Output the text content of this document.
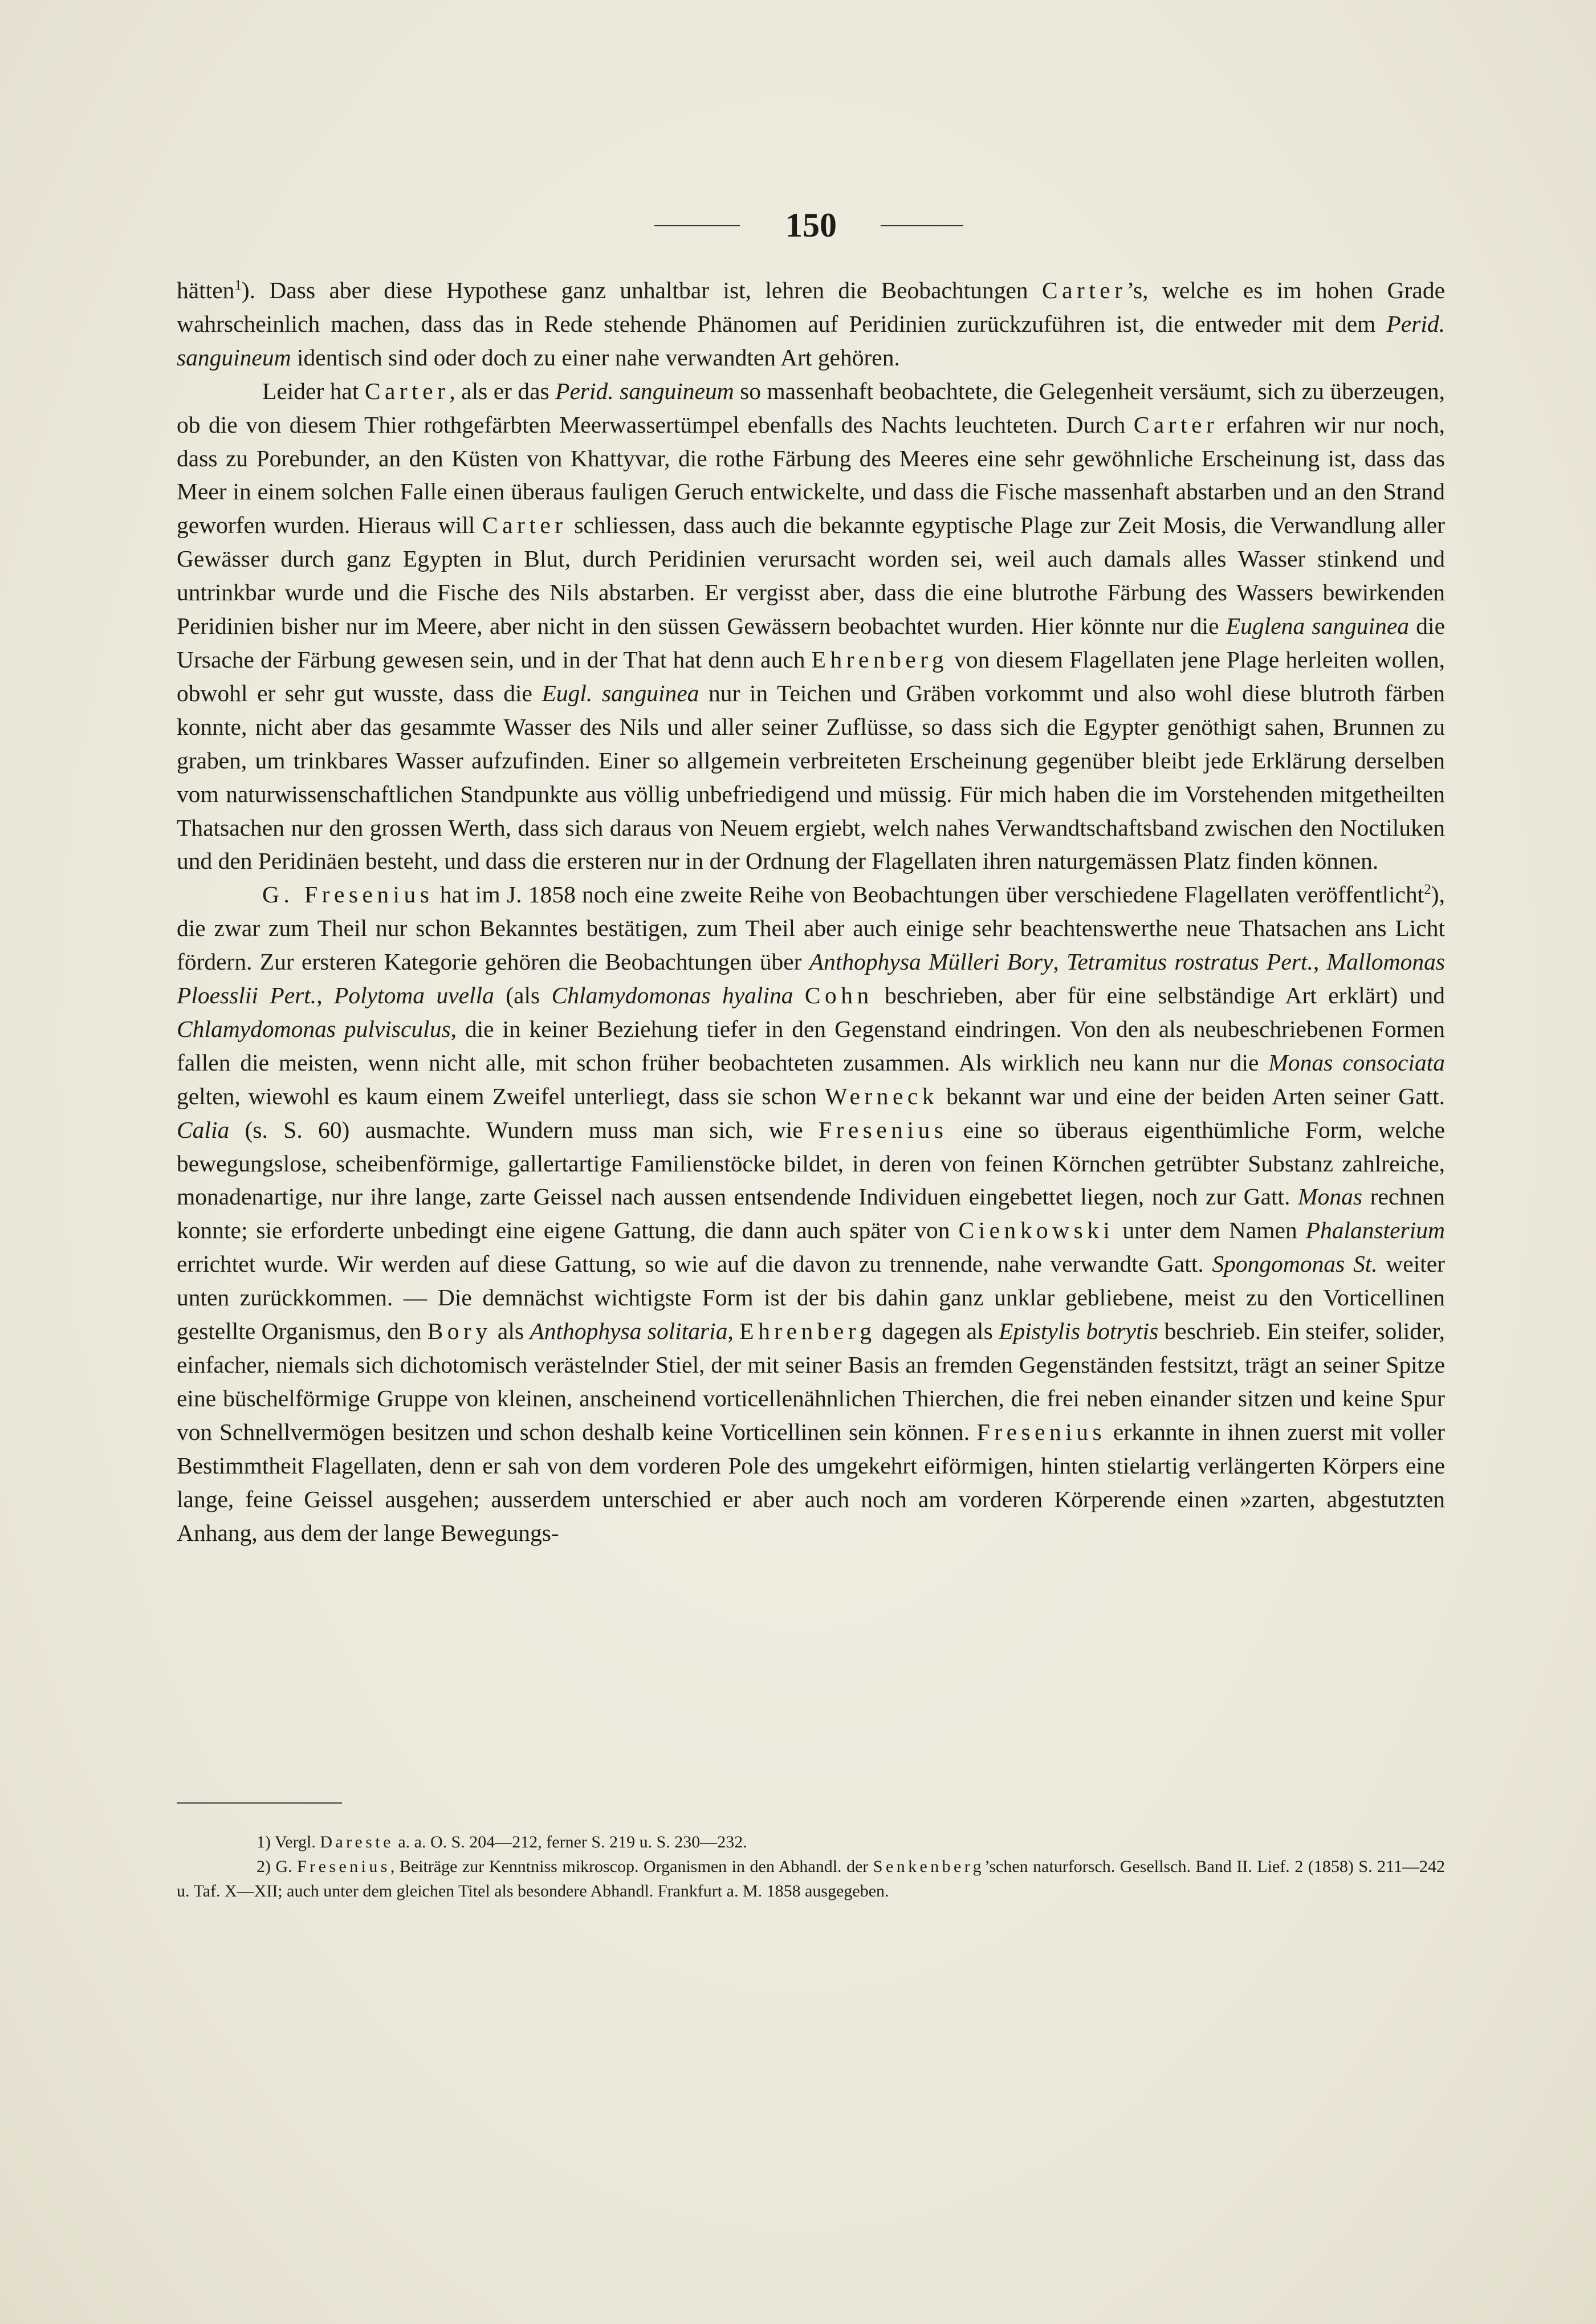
150

hätten$^1$). Dass aber diese Hypothese ganz unhaltbar ist, lehren die Beobachtungen Carter’s, welche es im hohen Grade wahrscheinlich machen, dass das in Rede stehende Phänomen auf Peridinien zurückzuführen ist, die entweder mit dem Perid. sanguineum identisch sind oder doch zu einer nahe verwandten Art gehören.

Leider hat Carter, als er das Perid. sanguineum so massenhaft beobachtete, die Gelegenheit versäumt, sich zu überzeugen, ob die von diesem Thier rothgefärbten Meerwassertümpel ebenfalls des Nachts leuchteten. Durch Carter erfahren wir nur noch, dass zu Porebunder, an den Küsten von Khattyvar, die rothe Färbung des Meeres eine sehr gewöhnliche Erscheinung ist, dass das Meer in einem solchen Falle einen überaus fauligen Geruch entwickelte, und dass die Fische massenhaft abstarben und an den Strand geworfen wurden. Hieraus will Carter schliessen, dass auch die bekannte egyptische Plage zur Zeit Mosis, die Verwandlung aller Gewässer durch ganz Egypten in Blut, durch Peridinien verursacht worden sei, weil auch damals alles Wasser stinkend und untrinkbar wurde und die Fische des Nils abstarben. Er vergisst aber, dass die eine blutrothe Färbung des Wassers bewirkenden Peridinien bisher nur im Meere, aber nicht in den süssen Gewässern beobachtet wurden. Hier könnte nur die Euglena sanguinea die Ursache der Färbung gewesen sein, und in der That hat denn auch Ehrenberg von diesem Flagellaten jene Plage herleiten wollen, obwohl er sehr gut wusste, dass die Eugl. sanguinea nur in Teichen und Gräben vorkommt und also wohl diese blutroth färben konnte, nicht aber das gesammte Wasser des Nils und aller seiner Zuflüsse, so dass sich die Egypter genöthigt sahen, Brunnen zu graben, um trinkbares Wasser aufzufinden. Einer so allgemein verbreiteten Erscheinung gegenüber bleibt jede Erklärung derselben vom naturwissenschaftlichen Standpunkte aus völlig unbefriedigend und müssig. Für mich haben die im Vorstehenden mitgetheilten Thatsachen nur den grossen Werth, dass sich daraus von Neuem ergiebt, welch nahes Verwandtschaftsband zwischen den Noctiluken und den Peridinäen besteht, und dass die ersteren nur in der Ordnung der Flagellaten ihren naturgemässen Platz finden können.

G. Fresenius hat im J. 1858 noch eine zweite Reihe von Beobachtungen über verschiedene Flagellaten veröffentlicht$^2$), die zwar zum Theil nur schon Bekanntes bestätigen, zum Theil aber auch einige sehr beachtenswerthe neue Thatsachen ans Licht fördern. Zur ersteren Kategorie gehören die Beobachtungen über Anthophysa Mülleri Bory, Tetramitus rostratus Pert., Mallomonas Ploesslii Pert., Polytoma uvella (als Chlamydomonas hyalina Cohn beschrieben, aber für eine selbständige Art erklärt) und Chlamydomonas pulvisculus, die in keiner Beziehung tiefer in den Gegenstand eindringen. Von den als neubeschriebenen Formen fallen die meisten, wenn nicht alle, mit schon früher beobachteten zusammen. Als wirklich neu kann nur die Monas consociata gelten, wiewohl es kaum einem Zweifel unterliegt, dass sie schon Werneck bekannt war und eine der beiden Arten seiner Gatt. Calia (s. S. 60) ausmachte. Wundern muss man sich, wie Fresenius eine so überaus eigenthümliche Form, welche bewegungslose, scheibenförmige, gallertartige Familienstöcke bildet, in deren von feinen Körnchen getrübter Substanz zahlreiche, monadenartige, nur ihre lange, zarte Geissel nach aussen entsendende Individuen eingebettet liegen, noch zur Gatt. Monas rechnen konnte; sie erforderte unbedingt eine eigene Gattung, die dann auch später von Cienkowski unter dem Namen Phalansterium errichtet wurde. Wir werden auf diese Gattung, so wie auf die davon zu trennende, nahe verwandte Gatt. Spongomonas St. weiter unten zurückkommen. — Die demnächst wichtigste Form ist der bis dahin ganz unklar gebliebene, meist zu den Vorticellinen gestellte Organismus, den Bory als Anthophysa solitaria, Ehrenberg dagegen als Epistylis botrytis beschrieb. Ein steifer, solider, einfacher, niemals sich dichotomisch verästelnder Stiel, der mit seiner Basis an fremden Gegenständen festsitzt, trägt an seiner Spitze eine büschelförmige Gruppe von kleinen, anscheinend vorticellenähnlichen Thierchen, die frei neben einander sitzen und keine Spur von Schnellvermögen besitzen und schon deshalb keine Vorticellinen sein können. Fresenius erkannte in ihnen zuerst mit voller Bestimmtheit Flagellaten, denn er sah von dem vorderen Pole des umgekehrt eiförmigen, hinten stielartig verlängerten Körpers eine lange, feine Geissel ausgehen; ausserdem unterschied er aber auch noch am vorderen Körperende einen »zarten, abgestutzten Anhang, aus dem der lange Bewegungs-

1) Vergl. Dareste a. a. O. S. 204—212, ferner S. 219 u. S. 230—232.

2) G. Fresenius, Beiträge zur Kenntniss mikroscop. Organismen in den Abhandl. der Senkenberg’schen naturforsch. Gesellsch. Band II. Lief. 2 (1858) S. 211—242 u. Taf. X—XII; auch unter dem gleichen Titel als besondere Abhandl. Frankfurt a. M. 1858 ausgegeben.
